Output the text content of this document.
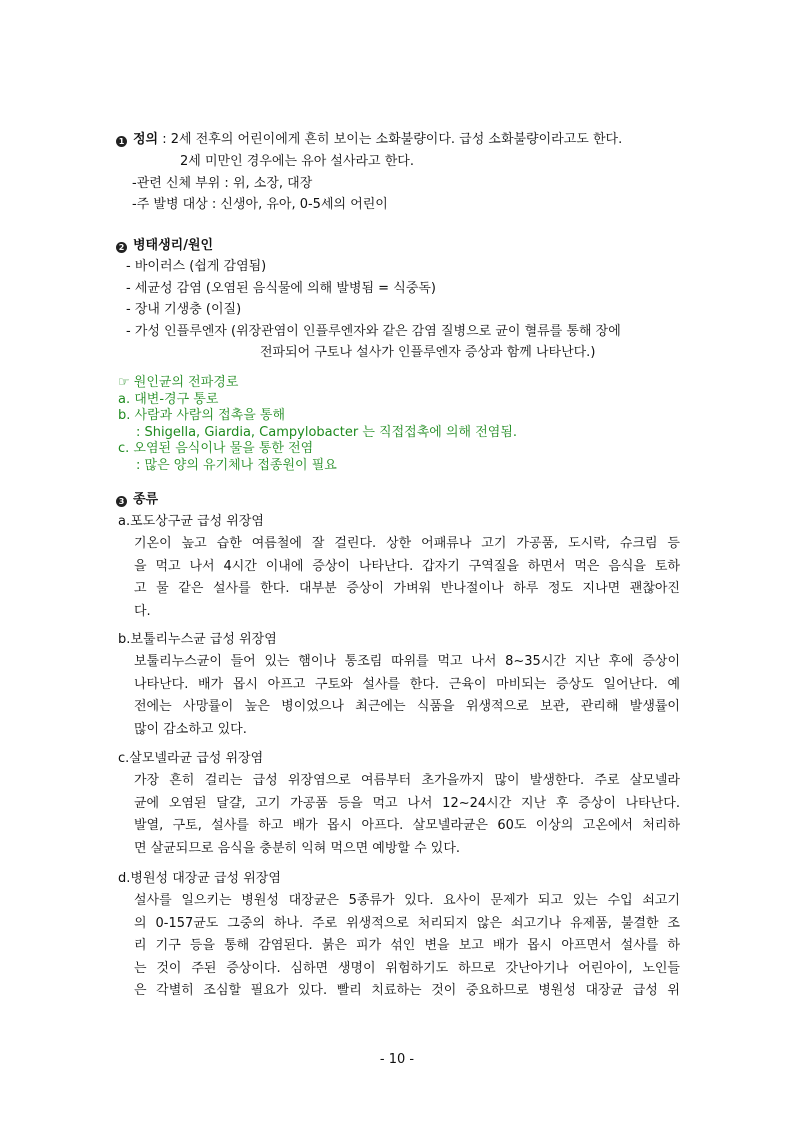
1 정의 : 2세 전후의 어린이에게 흔히 보이는 소화불량이다. 급성 소화불량이라고도 한다.
2세 미만인 경우에는 유아 설사라고 한다.
-관련 신체 부위 : 위, 소장, 대장
-주 발병 대상 : 신생아, 유아, 0-5세의 어린이
2 병태생리/원인
- 바이러스 (쉽게 감염됨)
- 세균성 감염 (오염된 음식물에 의해 발병됨 = 식중독)
- 장내 기생충 (이질)
- 가성 인플루엔자 (위장관염이 인플루엔자와 같은 감염 질병으로 균이 혈류를 통해 장에
전파되어 구토나 설사가 인플루엔자 증상과 함께 나타난다.)
☞ 원인균의 전파경로
a. 대변-경구 통로
b. 사람과 사람의 접촉을 통해
: Shigella, Giardia, Campylobacter 는 직접접촉에 의해 전염됨.
c. 오염된 음식이나 물을 통한 전염
: 많은 양의 유기체나 접종원이 필요
3 종류
a.포도상구균 급성 위장염
기온이 높고 습한 여름철에 잘 걸린다. 상한 어패류나 고기 가공품, 도시락, 슈크림 등
을 먹고 나서 4시간 이내에 증상이 나타난다. 갑자기 구역질을 하면서 먹은 음식을 토하
고 물 같은 설사를 한다. 대부분 증상이 가벼워 반나절이나 하루 정도 지나면 괜찮아진
다.
b.보툴리누스균 급성 위장염
보툴리누스균이 들어 있는 햄이나 통조림 따위를 먹고 나서 8~35시간 지난 후에 증상이
나타난다. 배가 몹시 아프고 구토와 설사를 한다. 근육이 마비되는 증상도 일어난다. 예
전에는 사망률이 높은 병이었으나 최근에는 식품을 위생적으로 보관, 관리해 발생률이
많이 감소하고 있다.
c.살모넬라균 급성 위장염
가장 흔히 걸리는 급성 위장염으로 여름부터 초가을까지 많이 발생한다. 주로 살모넬라
균에 오염된 달걀, 고기 가공품 등을 먹고 나서 12~24시간 지난 후 증상이 나타난다.
발열, 구토, 설사를 하고 배가 몹시 아프다. 살모넬라균은 60도 이상의 고온에서 처리하
면 살균되므로 음식을 충분히 익혀 먹으면 예방할 수 있다.
d.병원성 대장균 급성 위장염
설사를 일으키는 병원성 대장균은 5종류가 있다. 요사이 문제가 되고 있는 수입 쇠고기
의 0-157균도 그중의 하나. 주로 위생적으로 처리되지 않은 쇠고기나 유제품, 불결한 조
리 기구 등을 통해 감염된다. 붉은 피가 섞인 변을 보고 배가 몹시 아프면서 설사를 하
는 것이 주된 증상이다. 심하면 생명이 위험하기도 하므로 갓난아기나 어린아이, 노인들
은 각별히 조심할 필요가 있다. 빨리 치료하는 것이 중요하므로 병원성 대장균 급성 위
- 10 -
